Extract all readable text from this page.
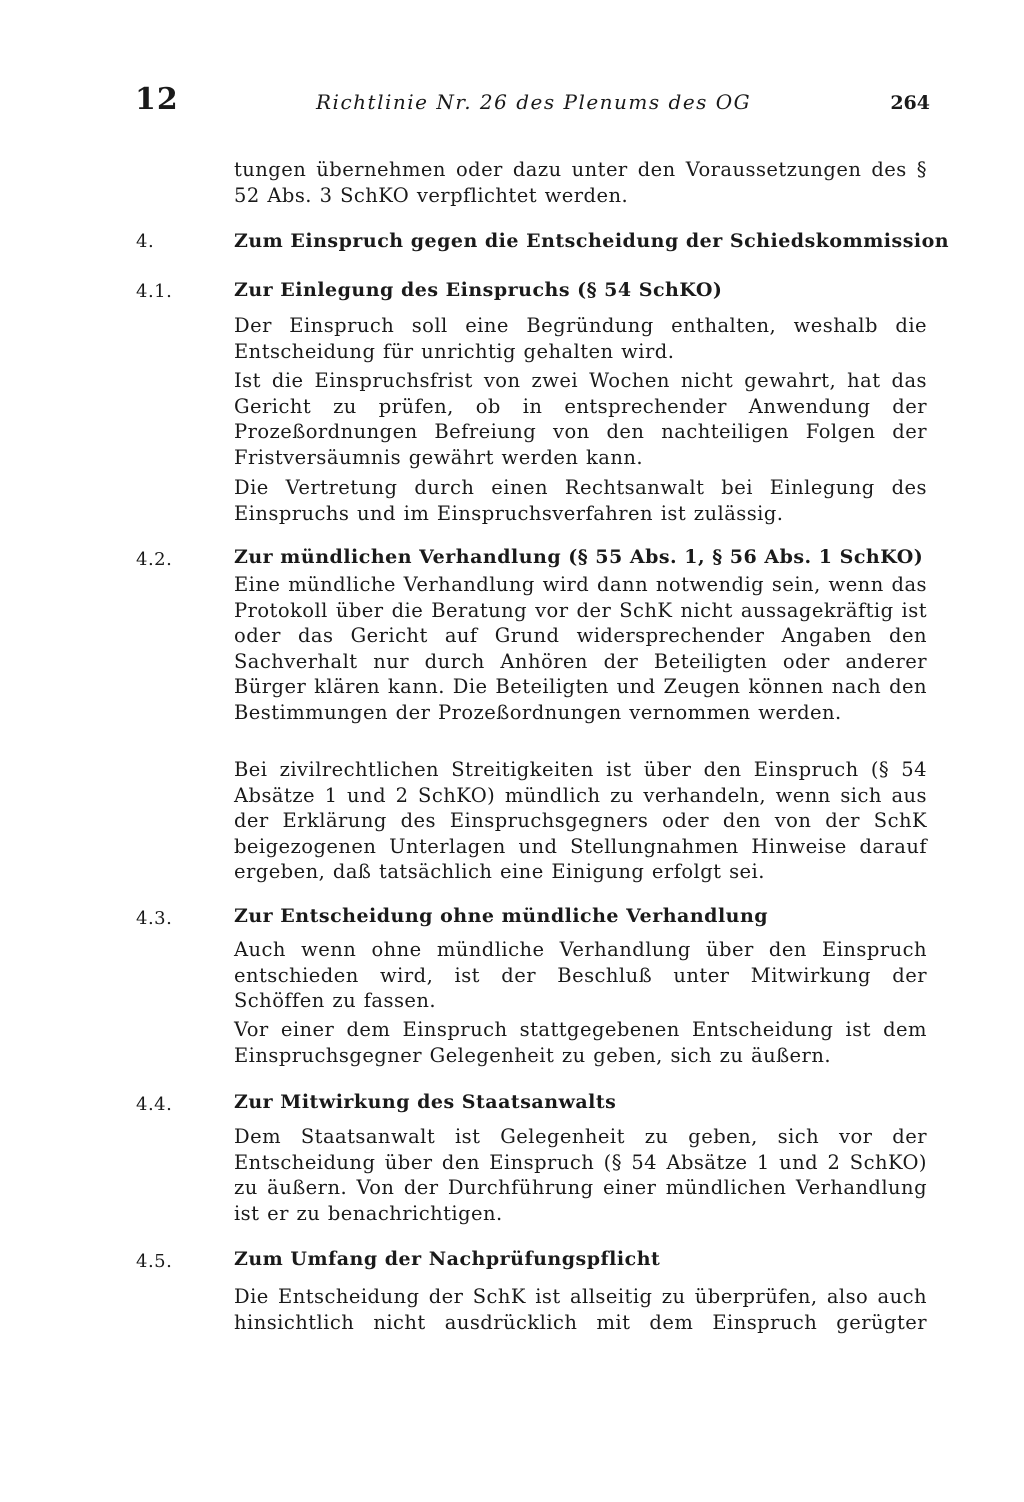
12	Richtlinie Nr. 26 des Plenums des OG	264
tungen übernehmen oder dazu unter den Voraussetzungen des § 52 Abs. 3 SchKO verpflichtet werden.
4.	Zum Einspruch gegen die Entscheidung der Schiedskommission
4.1.	Zur Einlegung des Einspruchs (§ 54 SchKO)
Der Einspruch soll eine Begründung enthalten, weshalb die Entscheidung für unrichtig gehalten wird.
Ist die Einspruchsfrist von zwei Wochen nicht gewahrt, hat das Gericht zu prüfen, ob in entsprechender Anwendung der Prozeßordnungen Befreiung von den nachteiligen Folgen der Fristversäumnis gewährt werden kann.
Die Vertretung durch einen Rechtsanwalt bei Einlegung des Einspruchs und im Einspruchsverfahren ist zulässig.
4.2.	Zur mündlichen Verhandlung (§ 55 Abs. 1, § 56 Abs. 1 SchKO)
Eine mündliche Verhandlung wird dann notwendig sein, wenn das Protokoll über die Beratung vor der SchK nicht aussagekräftig ist oder das Gericht auf Grund widersprechender Angaben den Sachverhalt nur durch Anhören der Beteiligten oder anderer Bürger klären kann. Die Beteiligten und Zeugen können nach den Bestimmungen der Prozeßordnungen vernommen werden.
Bei zivilrechtlichen Streitigkeiten ist über den Einspruch (§ 54 Absätze 1 und 2 SchKO) mündlich zu verhandeln, wenn sich aus der Erklärung des Einspruchsgegners oder den von der SchK beigezogenen Unterlagen und Stellungnahmen Hinweise darauf ergeben, daß tatsächlich eine Einigung erfolgt sei.
4.3.	Zur Entscheidung ohne mündliche Verhandlung
Auch wenn ohne mündliche Verhandlung über den Einspruch entschieden wird, ist der Beschluß unter Mitwirkung der Schöffen zu fassen.
Vor einer dem Einspruch stattgegebenen Entscheidung ist dem Einspruchsgegner Gelegenheit zu geben, sich zu äußern.
4.4.	Zur Mitwirkung des Staatsanwalts
Dem Staatsanwalt ist Gelegenheit zu geben, sich vor der Entscheidung über den Einspruch (§ 54 Absätze 1 und 2 SchKO) zu äußern. Von der Durchführung einer mündlichen Verhandlung ist er zu benachrichtigen.
4.5.	Zum Umfang der Nachprüfungspflicht
Die Entscheidung der SchK ist allseitig zu überprüfen, also auch hinsichtlich nicht ausdrücklich mit dem Einspruch gerügter
